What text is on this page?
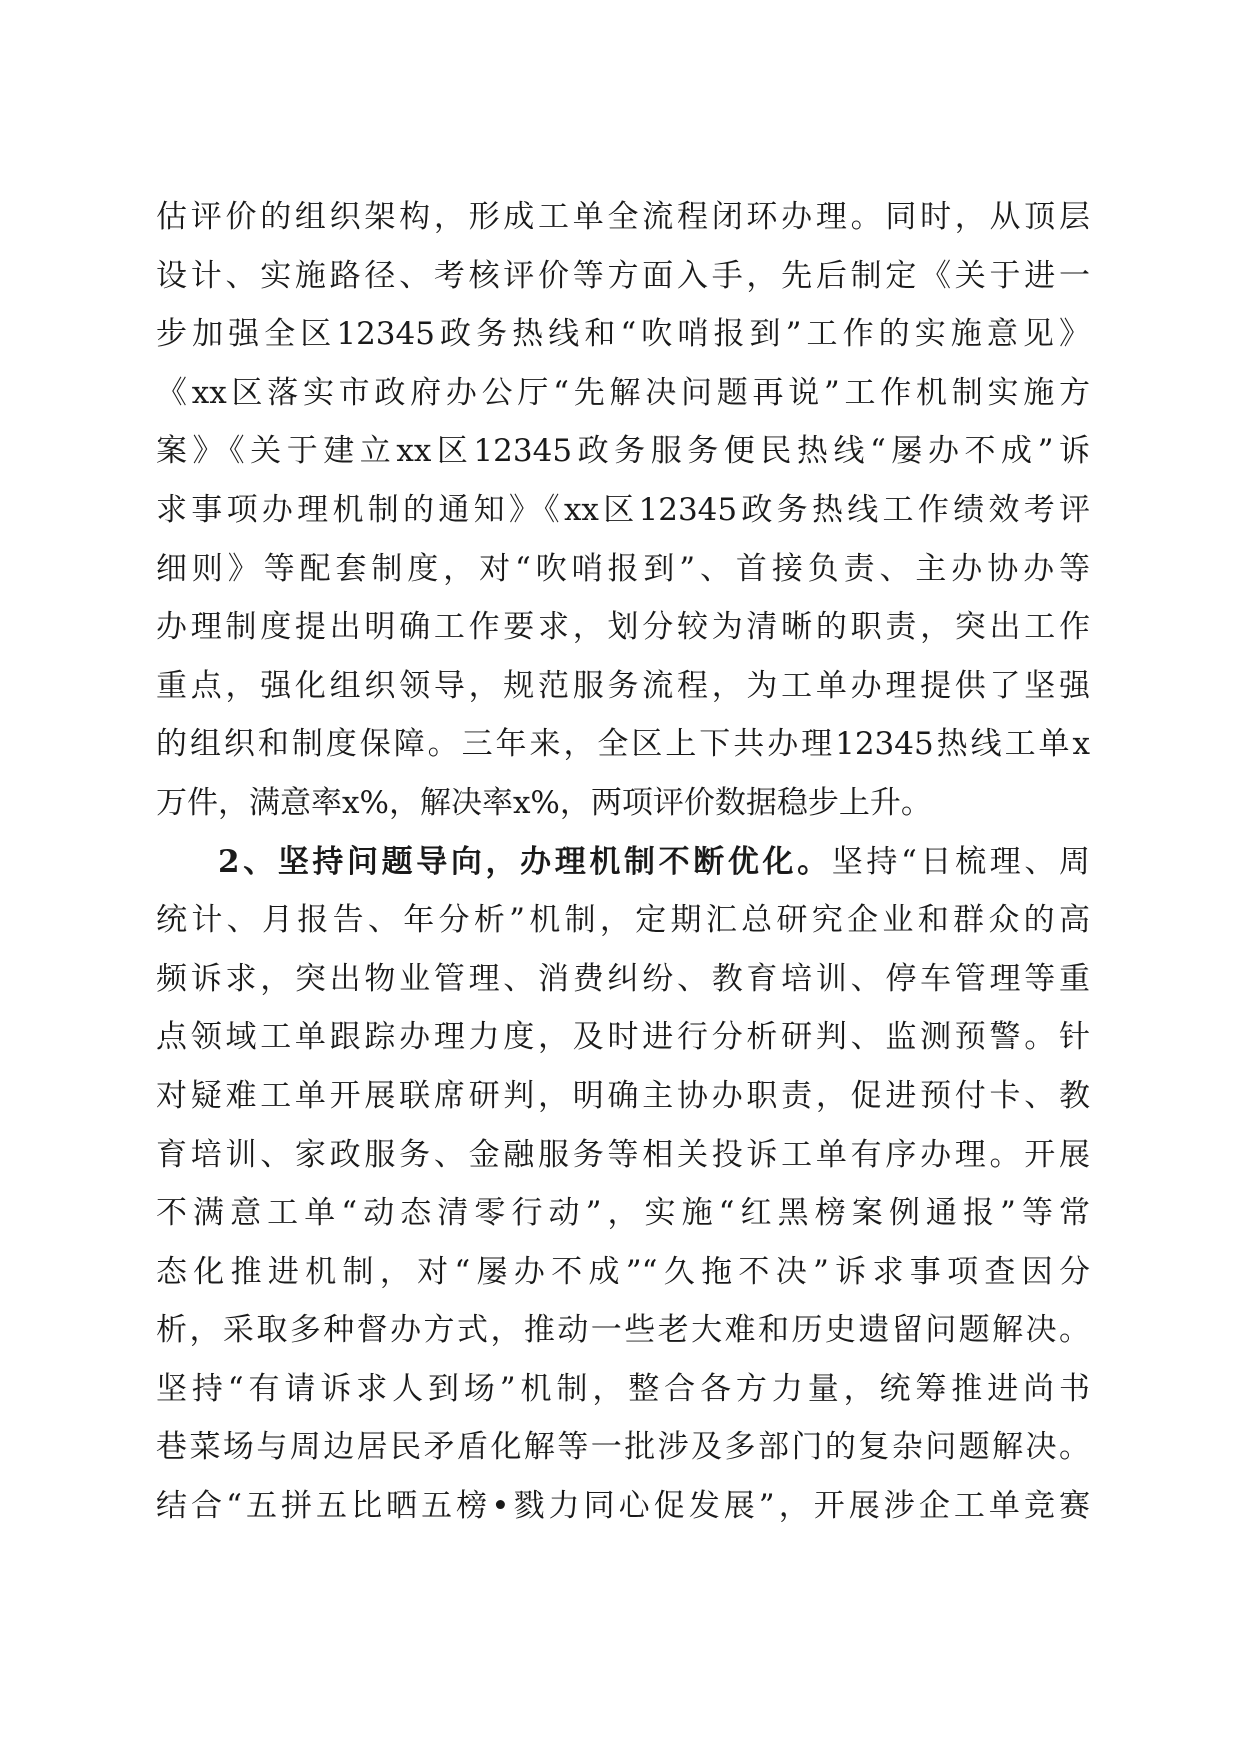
估评价的组织架构，形成工单全流程闭环办理。同时，从顶层
设计、实施路径、考核评价等方面入手，先后制定《关于进一
步加强全区12345政务热线和“吹哨报到”工作的实施意见》
《xx区落实市政府办公厅“先解决问题再说”工作机制实施方
案》《关于建立xx区12345政务服务便民热线“屡办不成”诉
求事项办理机制的通知》《xx区12345政务热线工作绩效考评
细则》等配套制度，对“吹哨报到”、首接负责、主办协办等
办理制度提出明确工作要求，划分较为清晰的职责，突出工作
重点，强化组织领导，规范服务流程，为工单办理提供了坚强
的组织和制度保障。三年来，全区上下共办理12345热线工单x
万件，满意率x%，解决率x%，两项评价数据稳步上升。
2、坚持问题导向，办理机制不断优化。坚持“日梳理、周
统计、月报告、年分析”机制，定期汇总研究企业和群众的高
频诉求，突出物业管理、消费纠纷、教育培训、停车管理等重
点领域工单跟踪办理力度，及时进行分析研判、监测预警。针
对疑难工单开展联席研判，明确主协办职责，促进预付卡、教
育培训、家政服务、金融服务等相关投诉工单有序办理。开展
不满意工单“动态清零行动”，实施“红黑榜案例通报”等常
态化推进机制，对“屡办不成”“久拖不决”诉求事项查因分
析，采取多种督办方式，推动一些老大难和历史遗留问题解决。
坚持“有请诉求人到场”机制，整合各方力量，统筹推进尚书
巷菜场与周边居民矛盾化解等一批涉及多部门的复杂问题解决。
结合“五拼五比晒五榜•戮力同心促发展”，开展涉企工单竞赛
